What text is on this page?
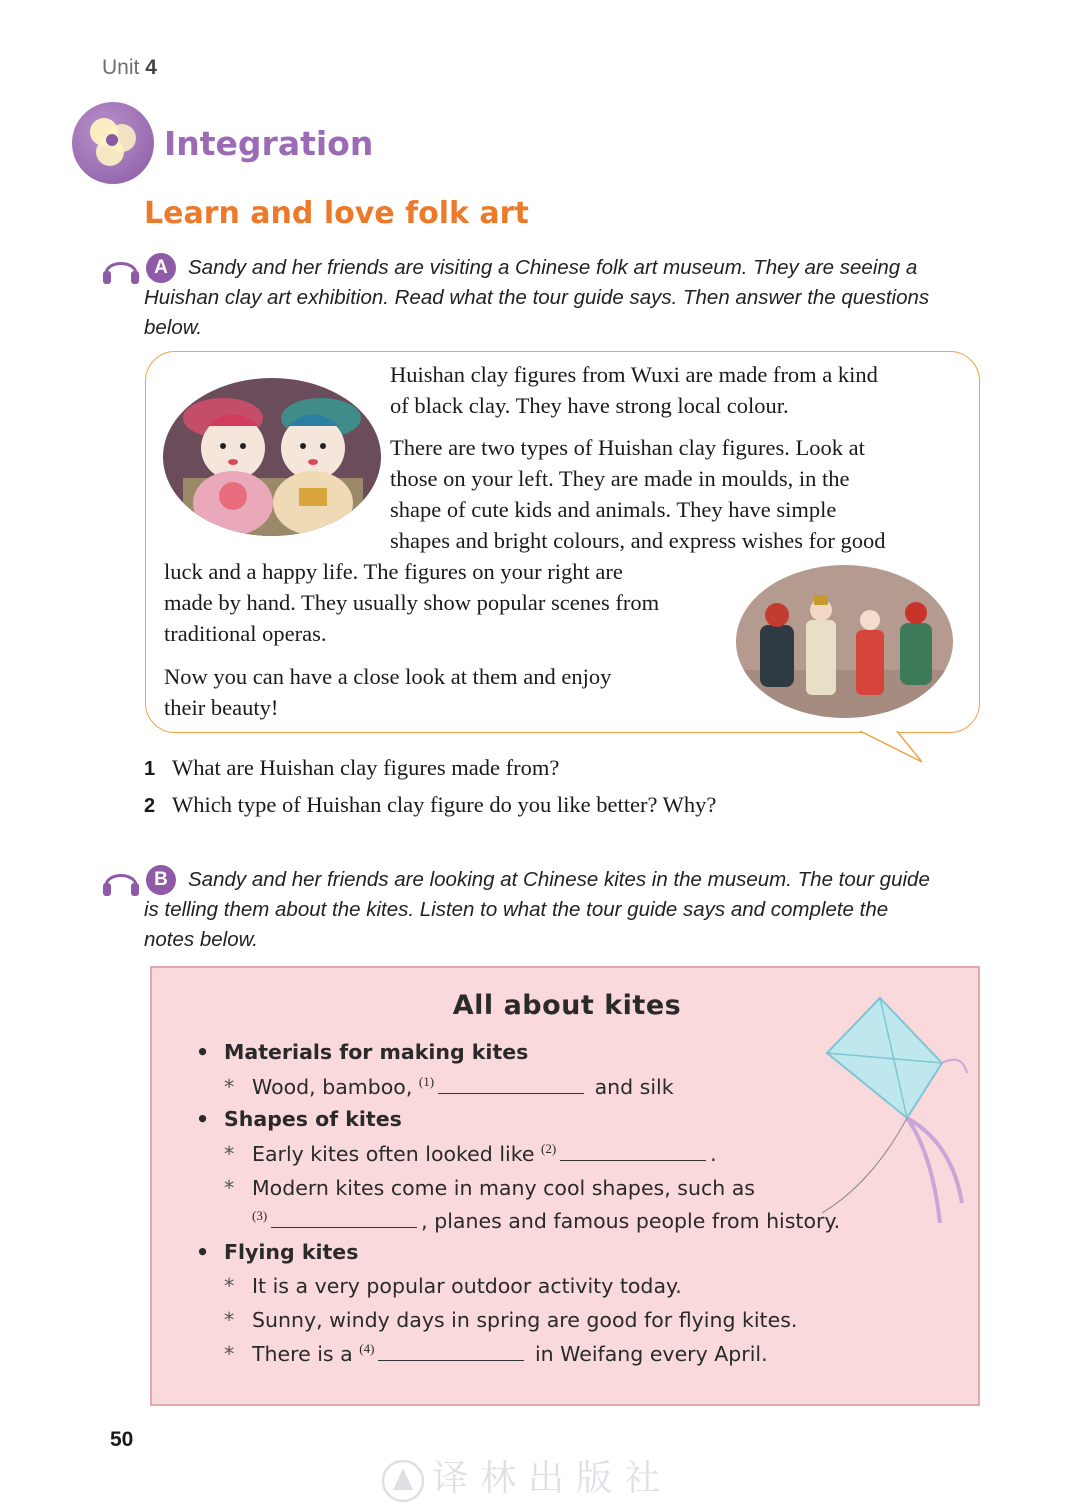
Unit 4
Integration
Learn and love folk art
A Sandy and her friends are visiting a Chinese folk art museum. They are seeing a
Huishan clay art exhibition. Read what the tour guide says. Then answer the questions
below.
Huishan clay figures from Wuxi are made from a kind
of black clay. They have strong local colour.
There are two types of Huishan clay figures. Look at
those on your left. They are made in moulds, in the
shape of cute kids and animals. They have simple
shapes and bright colours, and express wishes for good
luck and a happy life. The figures on your right are
made by hand. They usually show popular scenes from
traditional operas.
Now you can have a close look at them and enjoy
their beauty!
1 What are Huishan clay figures made from?
2 Which type of Huishan clay figure do you like better? Why?
B Sandy and her friends are looking at Chinese kites in the museum. The tour guide
is telling them about the kites. Listen to what the tour guide says and complete the
notes below.
All about kites
• Materials for making kites
* Wood, bamboo, $^{(1)}$	and silk
• Shapes of kites
* Early kites often looked like $^{(2)}$	.
* Modern kites come in many cool shapes, such as
$^{(3)}$	, planes and famous people from history.
• Flying kites
* It is a very popular outdoor activity today.
* Sunny, windy days in spring are good for flying kites.
* There is a $^{(4)}$	in Weifang every April.
50
译林出版社
